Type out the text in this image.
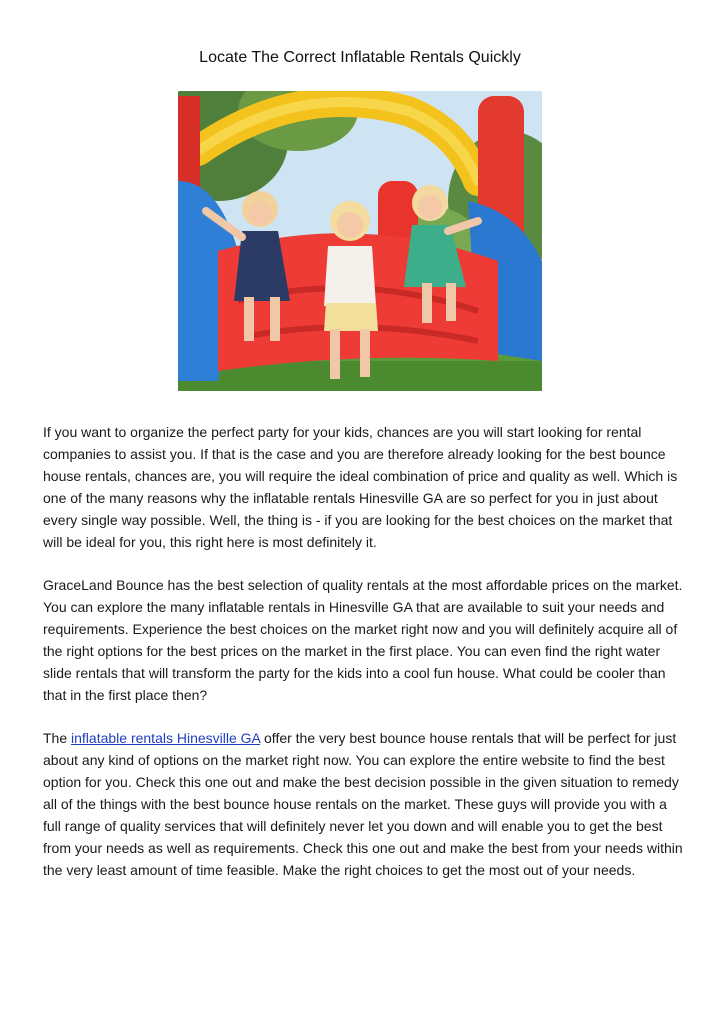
Locate The Correct Inflatable Rentals Quickly

If you want to organize the perfect party for your kids, chances are you will start looking for rental companies to assist you. If that is the case and you are therefore already looking for the best bounce house rentals, chances are, you will require the ideal combination of price and quality as well. Which is one of the many reasons why the inflatable rentals Hinesville GA are so perfect for you in just about every single way possible. Well, the thing is - if you are looking for the best choices on the market that will be ideal for you, this right here is most definitely it.

GraceLand Bounce has the best selection of quality rentals at the most affordable prices on the market. You can explore the many inflatable rentals in Hinesville GA that are available to suit your needs and requirements. Experience the best choices on the market right now and you will definitely acquire all of the right options for the best prices on the market in the first place. You can even find the right water slide rentals that will transform the party for the kids into a cool fun house. What could be cooler than that in the first place then?

The inflatable rentals Hinesville GA offer the very best bounce house rentals that will be perfect for just about any kind of options on the market right now. You can explore the entire website to find the best option for you. Check this one out and make the best decision possible in the given situation to remedy all of the things with the best bounce house rentals on the market. These guys will provide you with a full range of quality services that will definitely never let you down and will enable you to get the best from your needs as well as requirements. Check this one out and make the best from your needs within the very least amount of time feasible. Make the right choices to get the most out of your needs.
